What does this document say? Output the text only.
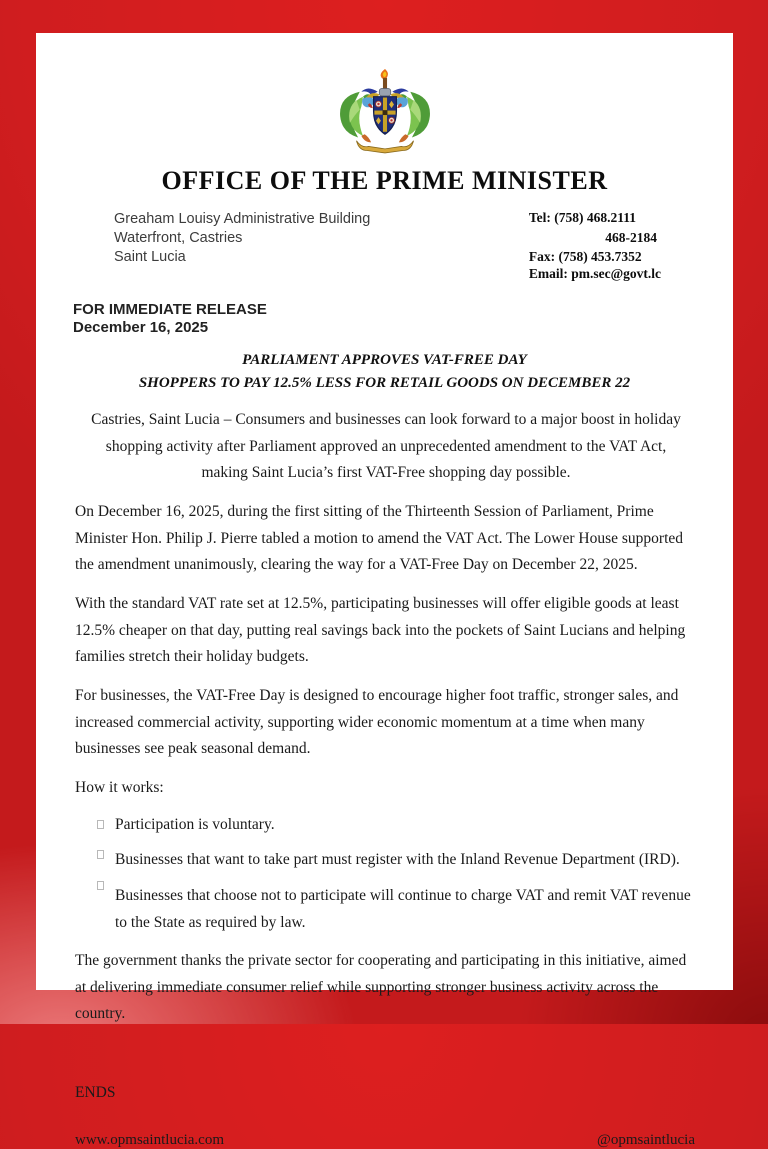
OFFICE OF THE PRIME MINISTER
Greaham Louisy Administrative Building
Waterfront, Castries
Saint Lucia
Tel: (758) 468.2111
468-2184
Fax: (758) 453.7352
Email: pm.sec@govt.lc
FOR IMMEDIATE RELEASE
December 16, 2025
PARLIAMENT APPROVES VAT-FREE DAY
SHOPPERS TO PAY 12.5% LESS FOR RETAIL GOODS ON DECEMBER 22

Castries, Saint Lucia – Consumers and businesses can look forward to a major boost in holiday shopping activity after Parliament approved an unprecedented amendment to the VAT Act, making Saint Lucia’s first VAT-Free shopping day possible.

On December 16, 2025, during the first sitting of the Thirteenth Session of Parliament, Prime Minister Hon. Philip J. Pierre tabled a motion to amend the VAT Act. The Lower House supported the amendment unanimously, clearing the way for a VAT-Free Day on December 22, 2025.

With the standard VAT rate set at 12.5%, participating businesses will offer eligible goods at least 12.5% cheaper on that day, putting real savings back into the pockets of Saint Lucians and helping families stretch their holiday budgets.

For businesses, the VAT-Free Day is designed to encourage higher foot traffic, stronger sales, and increased commercial activity, supporting wider economic momentum at a time when many businesses see peak seasonal demand.

How it works:

Participation is voluntary.
Businesses that want to take part must register with the Inland Revenue Department (IRD).
Businesses that choose not to participate will continue to charge VAT and remit VAT revenue to the State as required by law.

The government thanks the private sector for cooperating and participating in this initiative, aimed at delivering immediate consumer relief while supporting stronger business activity across the country.

ENDS
www.opmsaintlucia.com	@opmsaintlucia
